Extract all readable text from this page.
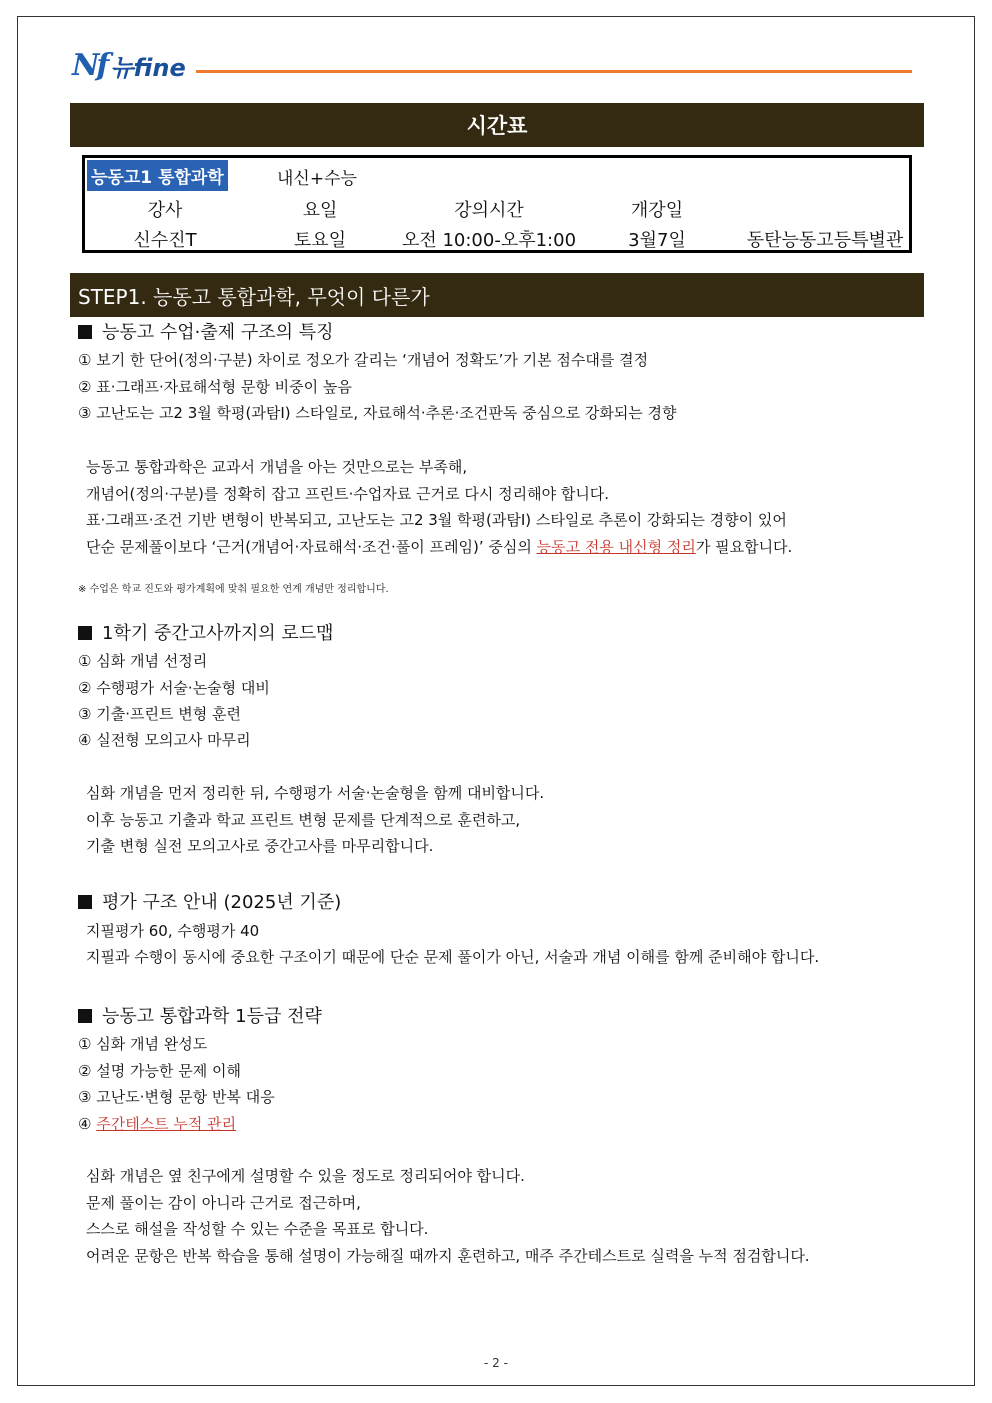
Nf 뉴fine
시간표
능동고1 통합과학	내신+수능
강사	요일	강의시간	개강일
신수진T	토요일	오전 10:00-오후1:00	3월7일	동탄능동고등특별관
STEP1. 능동고 통합과학, 무엇이 다른가
능동고 수업·출제 구조의 특징
① 보기 한 단어(정의·구분) 차이로 정오가 갈리는 ‘개념어 정확도’가 기본 점수대를 결정
② 표·그래프·자료해석형 문항 비중이 높음
③ 고난도는 고2 3월 학평(과탐Ⅰ) 스타일로, 자료해석·추론·조건판독 중심으로 강화되는 경향
능동고 통합과학은 교과서 개념을 아는 것만으로는 부족해,
개념어(정의·구분)를 정확히 잡고 프린트·수업자료 근거로 다시 정리해야 합니다.
표·그래프·조건 기반 변형이 반복되고, 고난도는 고2 3월 학평(과탐Ⅰ) 스타일로 추론이 강화되는 경향이 있어
단순 문제풀이보다 ‘근거(개념어·자료해석·조건·풀이 프레임)’ 중심의 능동고 전용 내신형 정리가 필요합니다.
※ 수업은 학교 진도와 평가계획에 맞춰 필요한 연계 개념만 정리합니다.
1학기 중간고사까지의 로드맵
① 심화 개념 선정리
② 수행평가 서술·논술형 대비
③ 기출·프린트 변형 훈련
④ 실전형 모의고사 마무리
심화 개념을 먼저 정리한 뒤, 수행평가 서술·논술형을 함께 대비합니다.
이후 능동고 기출과 학교 프린트 변형 문제를 단계적으로 훈련하고,
기출 변형 실전 모의고사로 중간고사를 마무리합니다.
평가 구조 안내 (2025년 기준)
지필평가 60, 수행평가 40
지필과 수행이 동시에 중요한 구조이기 때문에 단순 문제 풀이가 아닌, 서술과 개념 이해를 함께 준비해야 합니다.
능동고 통합과학 1등급 전략
① 심화 개념 완성도
② 설명 가능한 문제 이해
③ 고난도·변형 문항 반복 대응
④ 주간테스트 누적 관리
심화 개념은 옆 친구에게 설명할 수 있을 정도로 정리되어야 합니다.
문제 풀이는 감이 아니라 근거로 접근하며,
스스로 해설을 작성할 수 있는 수준을 목표로 합니다.
어려운 문항은 반복 학습을 통해 설명이 가능해질 때까지 훈련하고, 매주 주간테스트로 실력을 누적 점검합니다.
- 2 -
